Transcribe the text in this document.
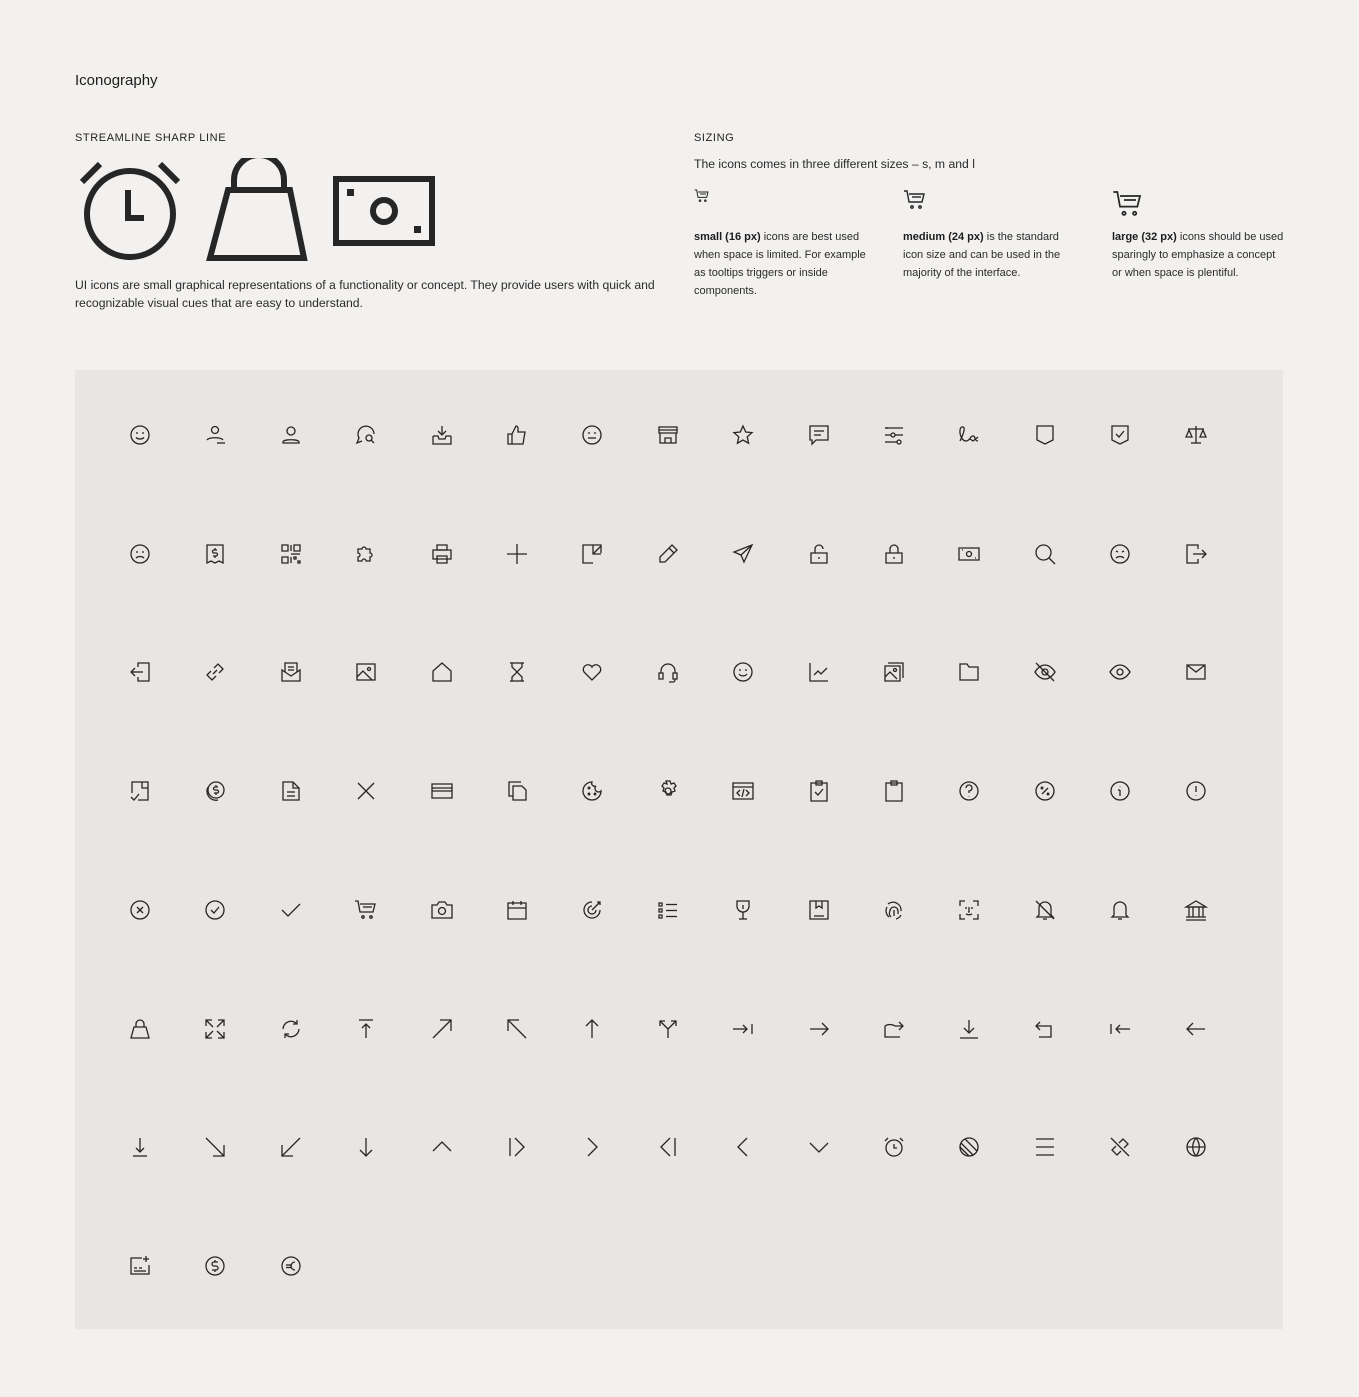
Iconography
STREAMLINE SHARP LINE
UI icons are small graphical representations of a functionality or concept. They provide users with quick and recognizable visual cues that are easy to understand.
SIZING
The icons comes in three different sizes – s, m and l
small (16 px) icons are best used when space is limited. For example as tooltips triggers or inside components.
medium (24 px) is the standard icon size and can be used in the majority of the interface.
large (32 px) icons should be used sparingly to emphasize a concept or when space is plentiful.
